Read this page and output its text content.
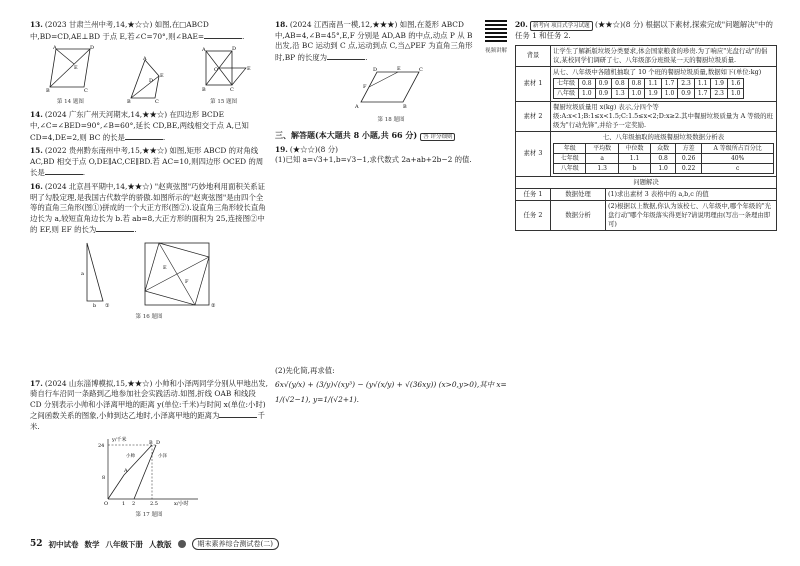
13. (2023 甘肃兰州中考,14,★☆☆) 如图,在□ABCD 中,BD=CD,AE⊥BD 于点 E,若∠C=70°,则∠BAE=	.
A	D
B	C
E
第 14 题图
A
E
B	C
D
A	D
B	C
E
O
第 15 题图
14. (2024 广东广州天河期末,14,★★☆) 在四边形 BCDE 中,∠C=∠BED=90°,∠B=60°,延长 CD,BE,两线相交于点 A,已知 CD=4,DE=2,则 BC 的长是	.
15. (2022 贵州黔东南州中考,15,★★☆) 如图,矩形 ABCD 的对角线 AC,BD 相交于点 O,DE∥AC,CE∥BD.若 AC=10,则四边形 OCED 的周长是	.
16. (2024 北京昌平期中,14,★★☆) "赵爽弦图"巧妙地利用面积关系证明了勾股定理,是我国古代数学的骄傲.如图所示的"赵爽弦图"是由四个全等的直角三角形(图①)拼成的一个大正方形(图②).设直角三角形较长直角边长为 a,较短直角边长为 b.若 ab=8,大正方形的面积为 25,连接图②中的 EF,则 EF 的长为	.
a
b ①
E
F
②
第 16 题图
17. (2024 山东淄博模拟,15,★★☆) 小帅和小泽两同学分别从甲地出发,骑自行车沿同一条路到乙地参加社会实践活动.如图,折线 OAB 和线段 CD 分别表示小帅和小泽离甲地的距离 y(单位:千米)与时间 x(单位:小时)之间函数关系的图象,小帅到达乙地时,小泽离甲地的距离为	千米.
24
8
O	1 2	2.5
A
B D
y/千米
x/小时
小帅	小泽
第 17 题图
18. (2024 江西南昌一模,12,★★★) 如图,在菱形 ABCD 中,AB=4,∠B=45°,E,F 分别是 AD,AB 的中点,动点 P 从 B 出发,沿 BC 运动到 C 点,运动到点 C,当△PEF 为直角三角形时,BP 的长度为	.
视频讲解
D	C
A	B
E
F
第 18 题图
三、解答题(本大题共 8 小题,共 66 分) 答 评分细则
19. (★☆☆)(8 分)
(1)已知 a=√3+1,b=√3−1,求代数式 2a+ab+2b−2 的值.
(2)先化简,再求值:
6x√(y/x) + (3/y)√(xy³) − (y√(x/y) + √(36xy)) (x>0,y>0),其中 x=
1/(√2−1), y=1/(√2+1).
20. 新考向 项目式学习试题 (★★☆)(8 分) 根据以下素材,探索完成"问题解决"中的任务 1 和任务 2.
背景	让学生了解新版垃圾分类要求,体会国家粮食的珍贵.为了响应"光盘行动"的倡议,某校同学们调研了七、八年级部分班级某一天的餐厨垃圾质量.
素材 1	
从七、八年级中各随机抽取了 10 个班的餐厨垃圾质量,数据如下(单位:kg)
七年级	0.8	0.9	0.8	0.8	1.1	1.7	2.3	1.1	1.9	1.6
八年级	1.0	0.9	1.3	1.0	1.9	1.0	0.9	1.7	2.3	1.0

素材 2	餐厨垃圾质量用 x(kg) 表示,分四个等级:A:x<1;B:1≤x<1.5;C:1.5≤x<2;D:x≥2.其中餐厨垃圾质量为 A 等级的班级为"行动先锋",并给予一定奖励.
素材 3	
七、八年级抽取的班级餐厨垃圾数据分析表
年级	平均数	中位数	众数	方差	A 等级所占百分比
七年级	a	1.1	0.8	0.26	40%
八年级	1.3	b	1.0	0.22	c

问题解决
任务 1	数据处理	(1)求出素材 3 表格中的 a,b,c 的值
任务 2	数据分析	(2)根据以上数据,你认为该校七、八年级中,哪个年级的"光盘行动"哪个年级落实得更好?请说明理由(写出一条理由即可)
52 初中试卷 数学 八年级下册 人教版	期末素养综合测试卷(二)
